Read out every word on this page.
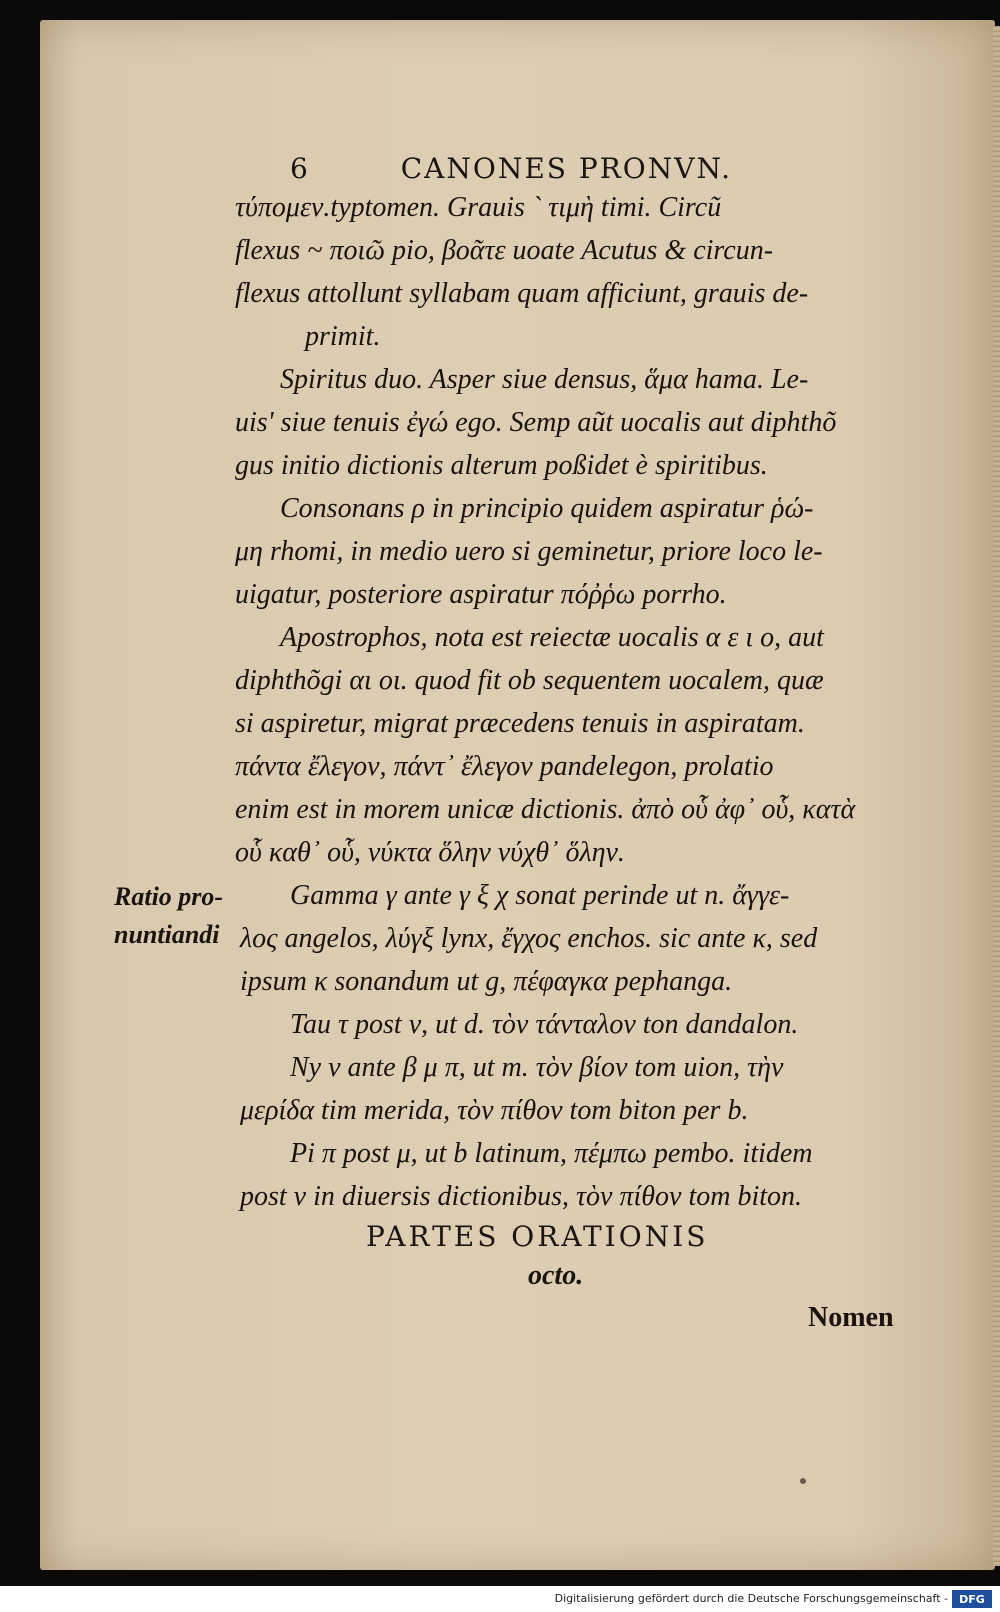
6	CANONES PRONVN.
τύπομεν.typtomen. Grauis ` τιμὴ timi. Circũ
flexus ~ ποιῶ pio, βοᾶτε uoate Acutus & circun-
flexus attollunt syllabam quam afficiunt, grauis de-
primit.
Spiritus duo. Asper siue densus, ἅμα hama. Le-
uis' siue tenuis ἐγώ ego. Semp aũt uocalis aut diphthõ
gus initio dictionis alterum poßidet è spiritibus.
Consonans ρ in principio quidem aspiratur ῥώ-
μη rhomi, in medio uero si geminetur, priore loco le-
uigatur, posteriore aspiratur πόῤῥω porrho.
Apostrophos, nota est reiectæ uocalis α ε ι ο, aut
diphthõgi αι οι. quod fit ob sequentem uocalem, quæ
si aspiretur, migrat præcedens tenuis in aspiratam.
πάντα ἔλεγον, πάντ᾽ ἔλεγον pandelegon, prolatio
enim est in morem unicæ dictionis. ἀπὸ οὗ ἀφ᾽ οὗ, κατὰ
οὗ καθ᾽ οὗ, νύκτα ὅλην νύχθ᾽ ὅλην.
Gamma γ ante γ ξ χ sonat perinde ut n. ἄγγε-
λος angelos, λύγξ lynx, ἔγχος enchos. sic ante κ, sed
ipsum κ sonandum ut g, πέφαγκα pephanga.
Tau τ post ν, ut d. τὸν τάνταλον ton dandalon.
Ny ν ante β μ π, ut m. τὸν βίον tom uion, τὴν
μερίδα tim merida, τὸν πίθον tom biton per b.
Pi π post μ, ut b latinum, πέμπω pembo. itidem
post ν in diuersis dictionibus, τὸν πίθον tom biton.
Ratio pro-
nuntiandi
PARTES ORATIONIS
octo.
Nomen
Digitalisierung gefördert durch die Deutsche Forschungsgemeinschaft - DFG
